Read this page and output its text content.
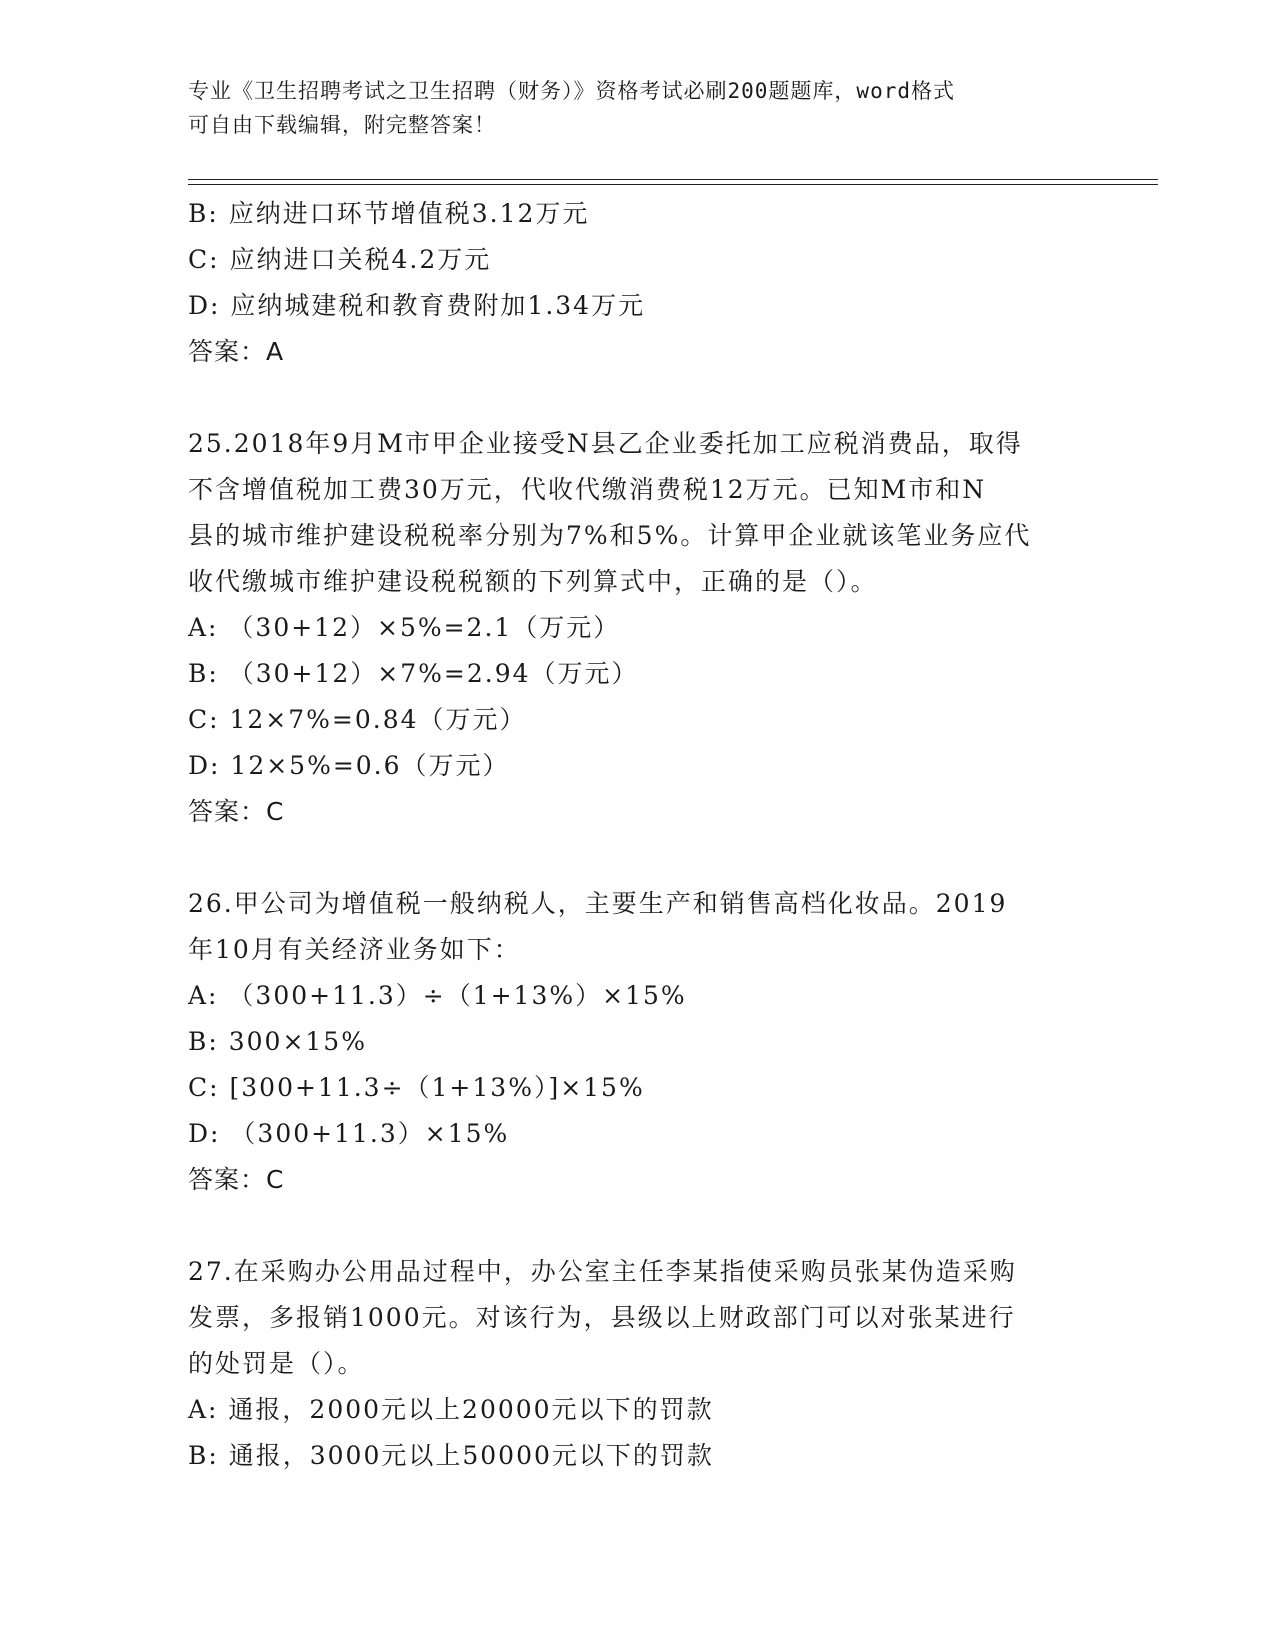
专业《卫生招聘考试之卫生招聘（财务）》资格考试必刷200题题库，word格式
可自由下载编辑，附完整答案！
B: 应纳进口环节增值税3.12万元
C: 应纳进口关税4.2万元
D: 应纳城建税和教育费附加1.34万元
答案：A
25.2018年9月M市甲企业接受N县乙企业委托加工应税消费品，取得
不含增值税加工费30万元，代收代缴消费税12万元。已知M市和N
县的城市维护建设税税率分别为7%和5%。计算甲企业就该笔业务应代
收代缴城市维护建设税税额的下列算式中，正确的是（）。
A: （30+12）×5%=2.1（万元）
B: （30+12）×7%=2.94（万元）
C: 12×7%=0.84（万元）
D: 12×5%=0.6（万元）
答案：C
26.甲公司为增值税一般纳税人，主要生产和销售高档化妆品。2019
年10月有关经济业务如下：
A: （300+11.3）÷（1+13%）×15%
B: 300×15%
C: [300+11.3÷（1+13%）]×15%
D: （300+11.3）×15%
答案：C
27.在采购办公用品过程中，办公室主任李某指使采购员张某伪造采购
发票，多报销1000元。对该行为，县级以上财政部门可以对张某进行
的处罚是（）。
A: 通报，2000元以上20000元以下的罚款
B: 通报，3000元以上50000元以下的罚款
